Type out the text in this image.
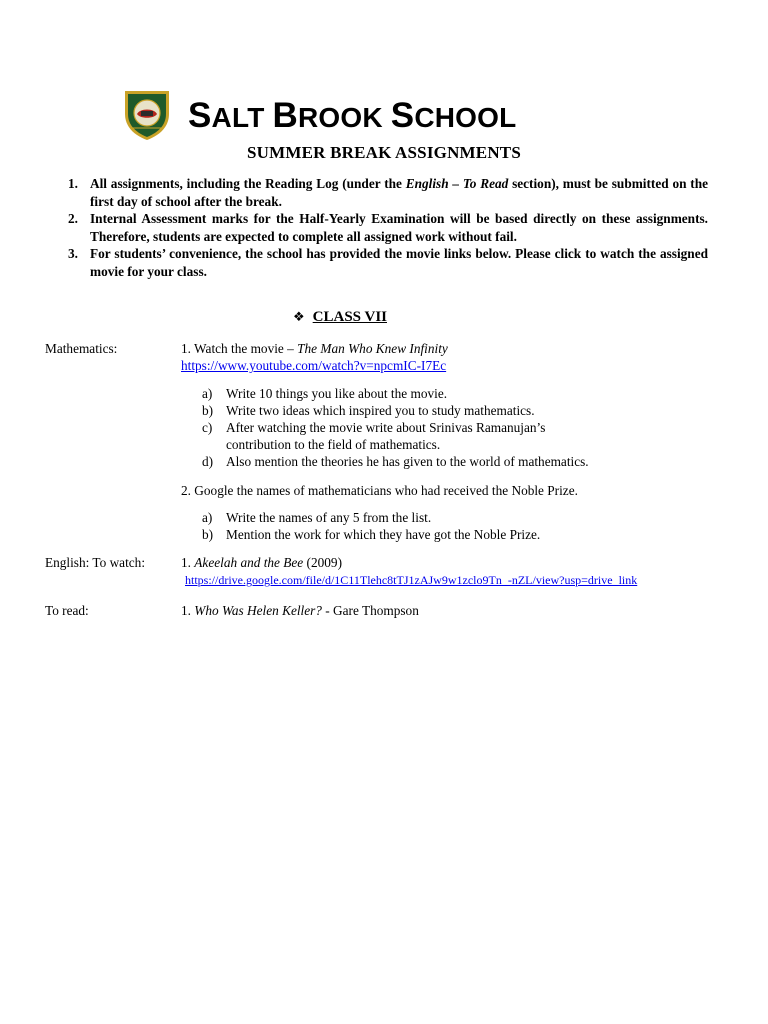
SALT BROOK SCHOOL
SUMMER BREAK ASSIGNMENTS
1. All assignments, including the Reading Log (under the English – To Read section), must be submitted on the first day of school after the break.
2. Internal Assessment marks for the Half-Yearly Examination will be based directly on these assignments. Therefore, students are expected to complete all assigned work without fail.
3. For students’ convenience, the school has provided the movie links below. Please click to watch the assigned movie for your class.
❖ CLASS VII
Mathematics:	1. Watch the movie – The Man Who Knew Infinity
https://www.youtube.com/watch?v=npcmIC-I7Ec
a) Write 10 things you like about the movie.
b) Write two ideas which inspired you to study mathematics.
c) After watching the movie write about Srinivas Ramanujan’s contribution to the field of mathematics.
d) Also mention the theories he has given to the world of mathematics.
2. Google the names of mathematicians who had received the Noble Prize.
a) Write the names of any 5 from the list.
b) Mention the work for which they have got the Noble Prize.
English: To watch:	1. Akeelah and the Bee (2009)
https://drive.google.com/file/d/1C11Tlehc8tTJ1zAJw9w1zclo9Tn_-nZL/view?usp=drive_link
To read:	1. Who Was Helen Keller? - Gare Thompson
